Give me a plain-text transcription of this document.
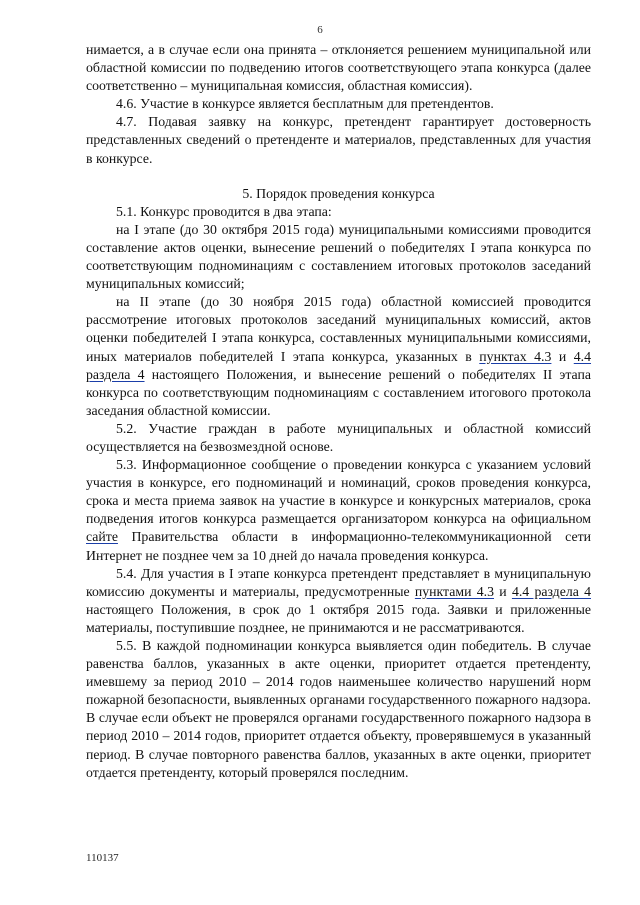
6

нимается, а в случае если она принята – отклоняется решением муниципальной или областной комиссии по подведению итогов соответствующего этапа конкурса (далее соответственно – муниципальная комиссия, областная комиссия).

4.6. Участие в конкурсе является бесплатным для претендентов.

4.7. Подавая заявку на конкурс, претендент гарантирует достоверность представленных сведений о претенденте и материалов, представленных для участия в конкурсе.

5. Порядок проведения конкурса

5.1. Конкурс проводится в два этапа:

на I этапе (до 30 октября 2015 года) муниципальными комиссиями проводится составление актов оценки, вынесение решений о победителях I этапа конкурса по соответствующим подноминациям с составлением итоговых протоколов заседаний муниципальных комиссий;

на II этапе (до 30 ноября 2015 года) областной комиссией проводится рассмотрение итоговых протоколов заседаний муниципальных комиссий, актов оценки победителей I этапа конкурса, составленных муниципальными комиссиями, иных материалов победителей I этапа конкурса, указанных в пунктах 4.3 и 4.4 раздела 4 настоящего Положения, и вынесение решений о победителях II этапа конкурса по соответствующим подноминациям с составлением итогового протокола заседания областной комиссии.

5.2. Участие граждан в работе муниципальных и областной комиссий осуществляется на безвозмездной основе.

5.3. Информационное сообщение о проведении конкурса с указанием условий участия в конкурсе, его подноминаций и номинаций, сроков проведения конкурса, срока и места приема заявок на участие в конкурсе и конкурсных материалов, срока подведения итогов конкурса размещается организатором конкурса на официальном сайте Правительства области в информационно-телекоммуникационной сети Интернет не позднее чем за 10 дней до начала проведения конкурса.

5.4. Для участия в I этапе конкурса претендент представляет в муниципальную комиссию документы и материалы, предусмотренные пунктами 4.3 и 4.4 раздела 4 настоящего Положения, в срок до 1 октября 2015 года. Заявки и приложенные материалы, поступившие позднее, не принимаются и не рассматриваются.

5.5. В каждой подноминации конкурса выявляется один победитель. В случае равенства баллов, указанных в акте оценки, приоритет отдается претенденту, имевшему за период 2010 – 2014 годов наименьшее количество нарушений норм пожарной безопасности, выявленных органами государственного пожарного надзора. В случае если объект не проверялся органами государственного пожарного надзора в период 2010 – 2014 годов, приоритет отдается объекту, проверявшемуся в указанный период. В случае повторного равенства баллов, указанных в акте оценки, приоритет отдается претенденту, который проверялся последним.

110137
